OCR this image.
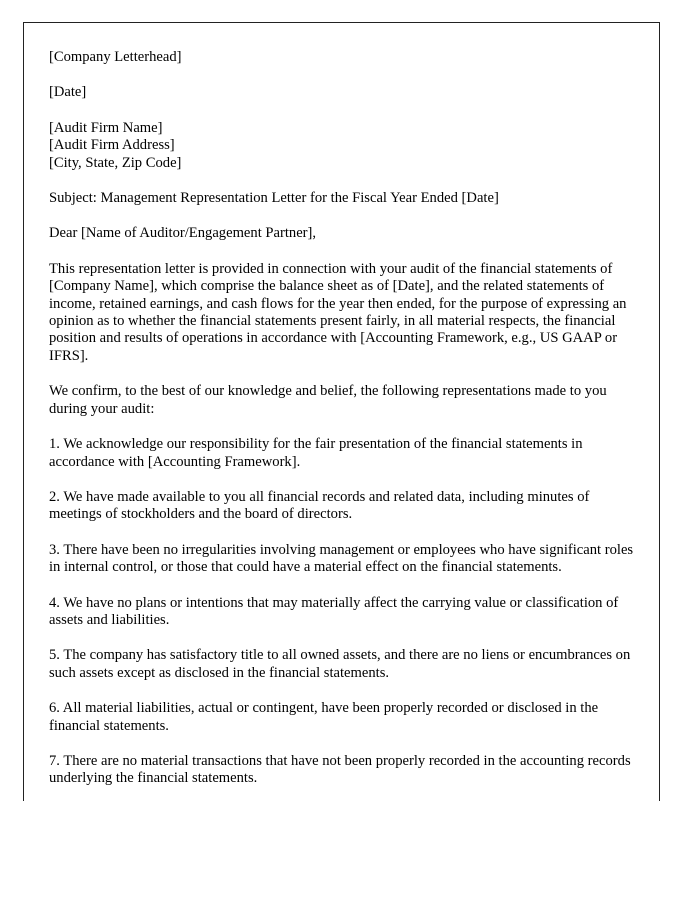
[Company Letterhead]

[Date]

[Audit Firm Name]

[Audit Firm Address]

[City, State, Zip Code]

Subject: Management Representation Letter for the Fiscal Year Ended [Date]

Dear [Name of Auditor/Engagement Partner],

This representation letter is provided in connection with your audit of the financial statements of [Company Name], which comprise the balance sheet as of [Date], and the related statements of income, retained earnings, and cash flows for the year then ended, for the purpose of expressing an opinion as to whether the financial statements present fairly, in all material respects, the financial position and results of operations in accordance with [Accounting Framework, e.g., US GAAP or IFRS].

We confirm, to the best of our knowledge and belief, the following representations made to you during your audit:

1. We acknowledge our responsibility for the fair presentation of the financial statements in accordance with [Accounting Framework].

2. We have made available to you all financial records and related data, including minutes of meetings of stockholders and the board of directors.

3. There have been no irregularities involving management or employees who have significant roles in internal control, or those that could have a material effect on the financial statements.

4. We have no plans or intentions that may materially affect the carrying value or classification of assets and liabilities.

5. The company has satisfactory title to all owned assets, and there are no liens or encumbrances on such assets except as disclosed in the financial statements.

6. All material liabilities, actual or contingent, have been properly recorded or disclosed in the financial statements.

7. There are no material transactions that have not been properly recorded in the accounting records underlying the financial statements.
